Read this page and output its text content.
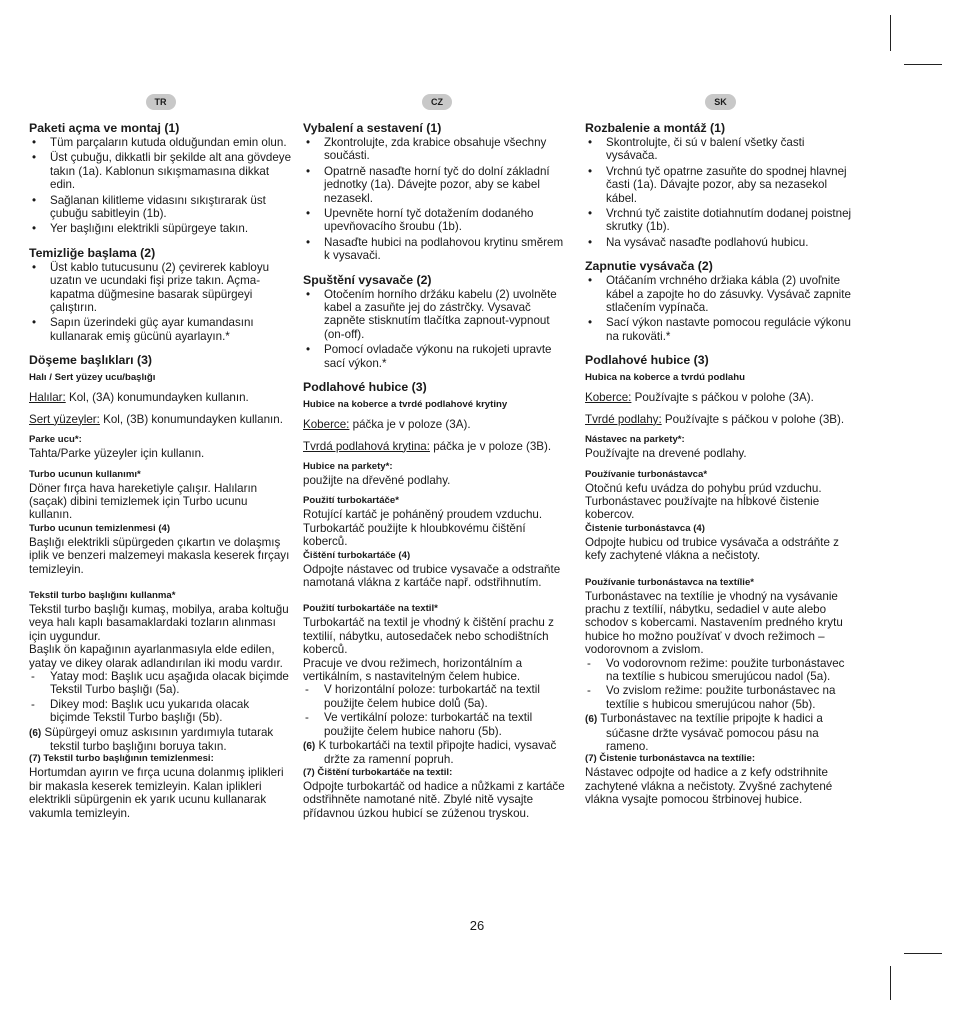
TR
Paketi açma ve montaj (1)
• Tüm parçaların kutuda olduğundan emin olun.
• Üst çubuğu, dikkatli bir şekilde alt ana gövdeye takın (1a). Kablonun sıkışmamasına dikkat edin.
• Sağlanan kilitleme vidasını sıkıştırarak üst çubuğu sabitleyin (1b).
• Yer başlığını elektrikli süpürgeye takın.
Temizliğe başlama (2)
• Üst kablo tutucusunu (2) çevirerek kabloyu uzatın ve ucundaki fişi prize takın. Açma-kapatma düğmesine basarak süpürgeyi çalıştırın.
• Sapın üzerindeki güç ayar kumandasını kullanarak emiş gücünü ayarlayın.*
Döşeme başlıkları (3)
Halı / Sert yüzey ucu/başlığı

Halılar: Kol, (3A) konumundayken kullanın.

Sert yüzeyler: Kol, (3B) konumundayken kullanın.

Parke ucu*:

Tahta/Parke yüzeyler için kullanın.

Turbo ucunun kullanımı*

Döner fırça hava hareketiyle çalışır. Halıların (saçak) dibini temizlemek için Turbo ucunu kullanın.

Turbo ucunun temizlenmesi (4)

Başlığı elektrikli süpürgeden çıkartın ve dolaşmış iplik ve benzeri malzemeyi makasla keserek fırçayı temizleyin.

Tekstil turbo başlığını kullanma*

Tekstil turbo başlığı kumaş, mobilya, araba koltuğu veya halı kaplı basamaklardaki tozların alınması için uygundur.
Başlık ön kapağının ayarlanmasıyla elde edilen, yatay ve dikey olarak adlandırılan iki modu vardır.

- Yatay mod: Başlık ucu aşağıda olacak biçimde Tekstil Turbo başlığı (5a).
- Dikey mod: Başlık ucu yukarıda olacak biçimde Tekstil Turbo başlığı (5b).

(6) Süpürgeyi omuz askısının yardımıyla tutarak tekstil turbo başlığını boruya takın.

(7) Tekstil turbo başlığının temizlenmesi:

Hortumdan ayırın ve fırça ucuna dolanmış iplikleri bir makasla keserek temizleyin. Kalan iplikleri elektrikli süpürgenin ek yarık ucunu kullanarak vakumla temizleyin.

CZ
Vybalení a sestavení (1)
• Zkontrolujte, zda krabice obsahuje všechny součásti.
• Opatrně nasaďte horní tyč do dolní základní jednotky (1a). Dávejte pozor, aby se kabel nezasekl.
• Upevněte horní tyč dotažením dodaného upevňovacího šroubu (1b).
• Nasaďte hubici na podlahovou krytinu směrem k vysavači.
Spuštění vysavače (2)
• Otočením horního držáku kabelu (2) uvolněte kabel a zasuňte jej do zástrčky. Vysavač zapněte stisknutím tlačítka zapnout-vypnout (on-off).
• Pomocí ovladače výkonu na rukojeti upravte sací výkon.*
Podlahové hubice (3)
Hubice na koberce a tvrdé podlahové krytiny

Koberce: páčka je v poloze (3A).

Tvrdá podlahová krytina: páčka je v poloze (3B).

Hubice na parkety*:

použijte na dřevěné podlahy.

Použití turbokartáče*

Rotující kartáč je poháněný proudem vzduchu. Turbokartáč použijte k hloubkovému čištění koberců.

Čištění turbokartáče (4)

Odpojte nástavec od trubice vysavače a odstraňte namotaná vlákna z kartáče např. odstřihnutím.

Použití turbokartáče na textil*

Turbokartáč na textil je vhodný k čištění prachu z textilií, nábytku, autosedaček nebo schodištních koberců.
Pracuje ve dvou režimech, horizontálním a vertikálním, s nastavitelným čelem hubice.

- V horizontální poloze: turbokartáč na textil použijte čelem hubice dolů (5a).
- Ve vertikální poloze: turbokartáč na textil použijte čelem hubice nahoru (5b).

(6) K turbokartáči na textil připojte hadici, vysavač držte za ramenní popruh.

(7) Čištění turbokartáče na textil:

Odpojte turbokartáč od hadice a nůžkami z kartáče odstřihněte namotané nitě. Zbylé nitě vysajte přídavnou úzkou hubicí se zúženou tryskou.

SK
Rozbalenie a montáž (1)
• Skontrolujte, či sú v balení všetky časti vysávača.
• Vrchnú tyč opatrne zasuňte do spodnej hlavnej časti (1a). Dávajte pozor, aby sa nezasekol kábel.
• Vrchnú tyč zaistite dotiahnutím dodanej poistnej skrutky (1b).
• Na vysávač nasaďte podlahovú hubicu.
Zapnutie vysávača (2)
• Otáčaním vrchného držiaka kábla (2) uvoľnite kábel a zapojte ho do zásuvky. Vysávač zapnite stlačením vypínača.
• Sací výkon nastavte pomocou regulácie výkonu na rukoväti.*
Podlahové hubice (3)
Hubica na koberce a tvrdú podlahu

Koberce: Používajte s páčkou v polohe (3A).

Tvrdé podlahy: Používajte s páčkou v polohe (3B).

Nástavec na parkety*:

Používajte na drevené podlahy.

Používanie turbonástavca*

Otočnú kefu uvádza do pohybu prúd vzduchu. Turbonástavec používajte na hĺbkové čistenie kobercov.

Čistenie turbonástavca (4)

Odpojte hubicu od trubice vysávača a odstráňte z kefy zachytené vlákna a nečistoty.

Používanie turbonástavca na textílie*

Turbonástavec na textílie je vhodný na vysávanie prachu z textílií, nábytku, sedadiel v aute alebo schodov s kobercami. Nastavením predného krytu hubice ho možno používať v dvoch režimoch – vodorovnom a zvislom.

- Vo vodorovnom režime: použite turbonástavec na textílie s hubicou smerujúcou nadol (5a).
- Vo zvislom režime: použite turbonástavec na textílie s hubicou smerujúcou nahor (5b).

(6) Turbonástavec na textílie pripojte k hadici a súčasne držte vysávač pomocou pásu na rameno.

(7) Čistenie turbonástavca na textílie:

Nástavec odpojte od hadice a z kefy odstrihnite zachytené vlákna a nečistoty. Zvyšné zachytené vlákna vysajte pomocou štrbinovej hubice.

26
